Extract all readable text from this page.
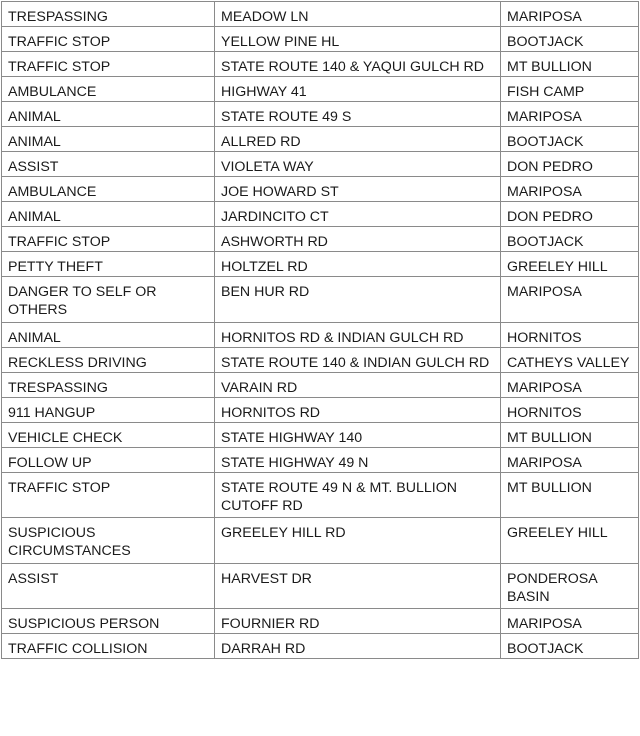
TRESPASSING	MEADOW LN	MARIPOSA
TRAFFIC STOP	YELLOW PINE HL	BOOTJACK
TRAFFIC STOP	STATE ROUTE 140 & YAQUI GULCH RD	MT BULLION
AMBULANCE	HIGHWAY 41	FISH CAMP
ANIMAL	STATE ROUTE 49 S	MARIPOSA
ANIMAL	ALLRED RD	BOOTJACK
ASSIST	VIOLETA WAY	DON PEDRO
AMBULANCE	JOE HOWARD ST	MARIPOSA
ANIMAL	JARDINCITO CT	DON PEDRO
TRAFFIC STOP	ASHWORTH RD	BOOTJACK
PETTY THEFT	HOLTZEL RD	GREELEY HILL
DANGER TO SELF OR OTHERS	BEN HUR RD	MARIPOSA
ANIMAL	HORNITOS RD & INDIAN GULCH RD	HORNITOS
RECKLESS DRIVING	STATE ROUTE 140 & INDIAN GULCH RD	CATHEYS VALLEY
TRESPASSING	VARAIN RD	MARIPOSA
911 HANGUP	HORNITOS RD	HORNITOS
VEHICLE CHECK	STATE HIGHWAY 140	MT BULLION
FOLLOW UP	STATE HIGHWAY 49 N	MARIPOSA
TRAFFIC STOP	STATE ROUTE 49 N & MT. BULLION CUTOFF RD	MT BULLION
SUSPICIOUS CIRCUMSTANCES	GREELEY HILL RD	GREELEY HILL
ASSIST	HARVEST DR	PONDEROSA BASIN
SUSPICIOUS PERSON	FOURNIER RD	MARIPOSA
TRAFFIC COLLISION	DARRAH RD	BOOTJACK
